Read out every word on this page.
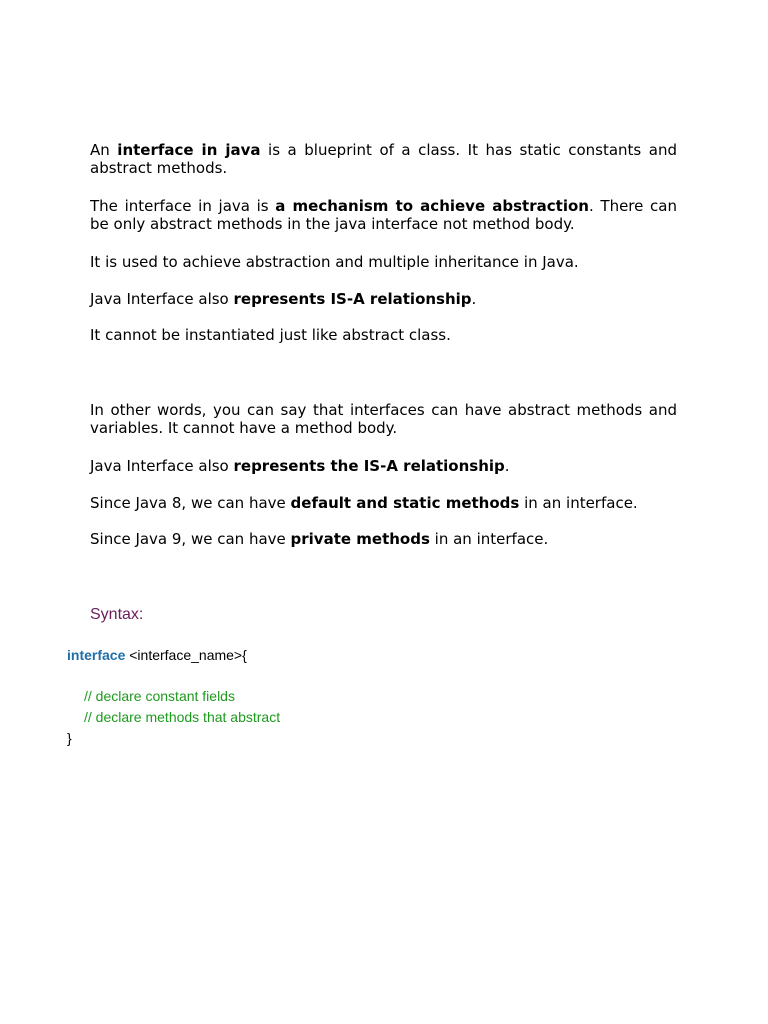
An interface in java is a blueprint of a class. It has static constants and abstract methods.

The interface in java is a mechanism to achieve abstraction. There can be only abstract methods in the java interface not method body.

It is used to achieve abstraction and multiple inheritance in Java.

Java Interface also represents IS-A relationship.

It cannot be instantiated just like abstract class.

In other words, you can say that interfaces can have abstract methods and variables. It cannot have a method body.

Java Interface also represents the IS-A relationship.

Since Java 8, we can have default and static methods in an interface.

Since Java 9, we can have private methods in an interface.

Syntax:

interface <interface_name>{
// declare constant fields
// declare methods that abstract
}
